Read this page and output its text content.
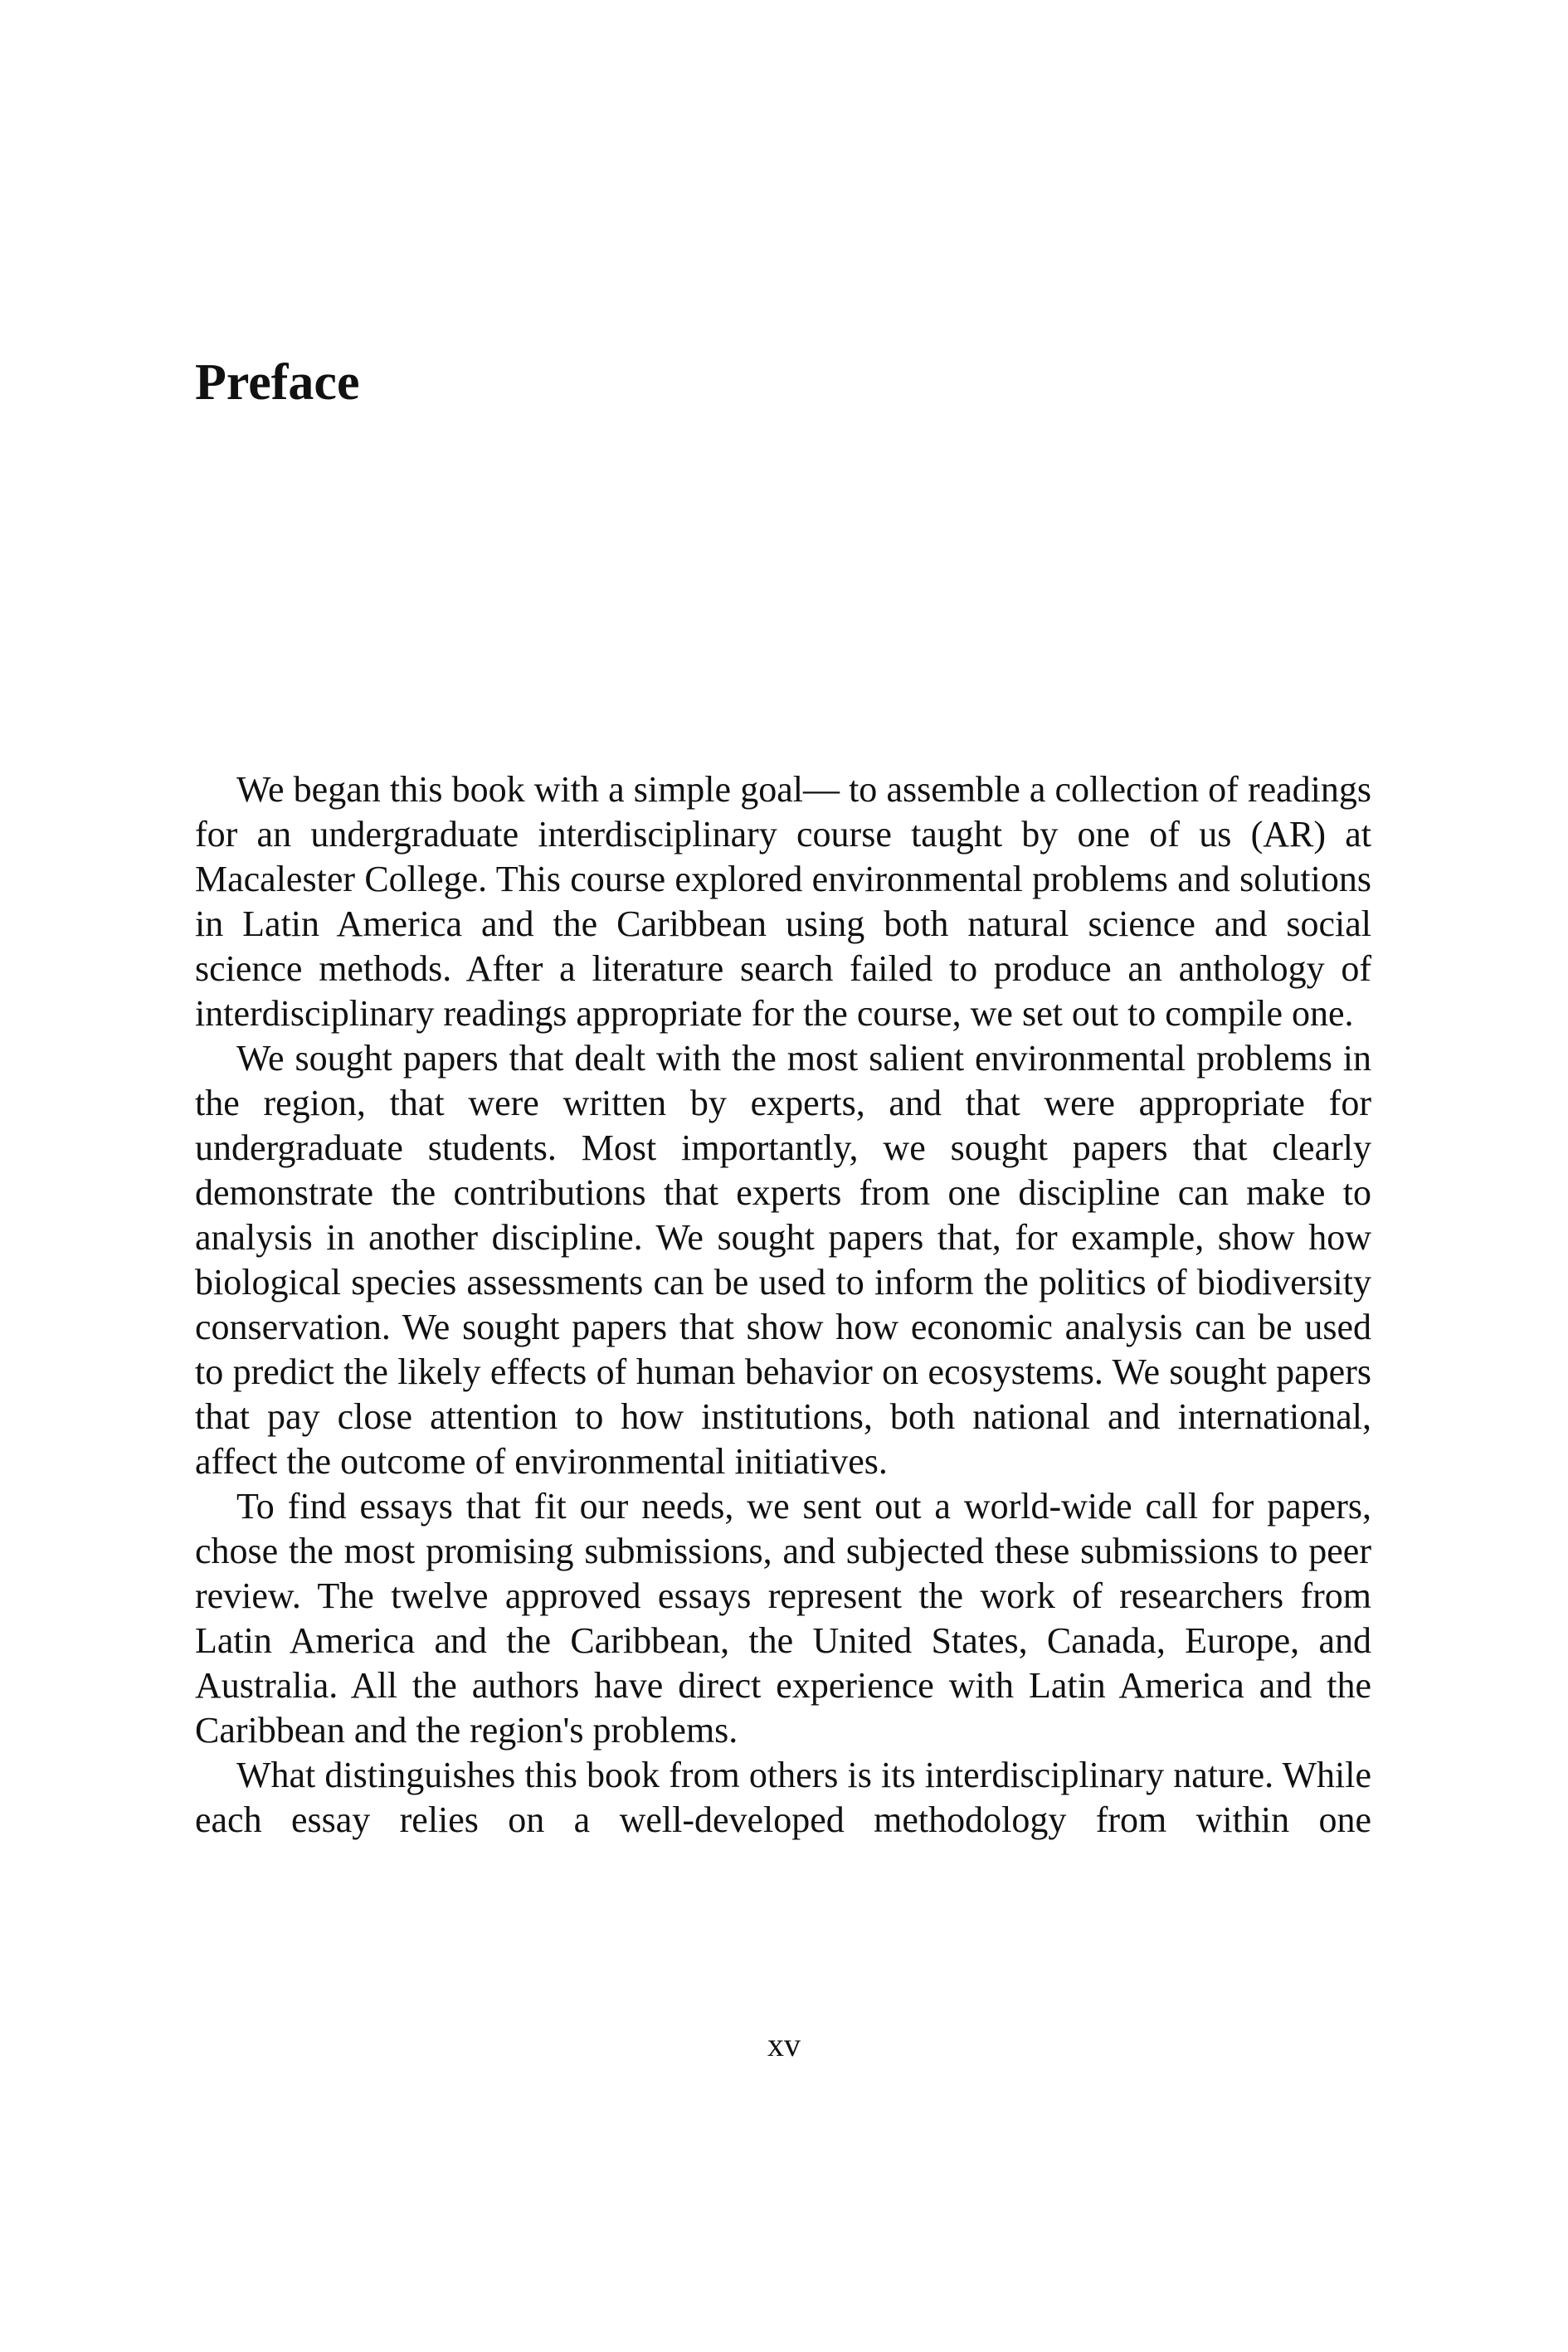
Preface

We began this book with a simple goal— to assemble a collection of readings for an undergraduate interdisciplinary course taught by one of us (AR) at Macalester College. This course explored environmental problems and solutions in Latin America and the Caribbean using both natural science and social science methods. After a literature search failed to produce an anthology of interdisciplinary readings appropriate for the course, we set out to compile one.

We sought papers that dealt with the most salient environmental problems in the region, that were written by experts, and that were appropriate for undergraduate students. Most importantly, we sought papers that clearly demonstrate the contributions that experts from one discipline can make to analysis in another discipline. We sought papers that, for example, show how biological species assessments can be used to inform the politics of biodiversity conservation. We sought papers that show how economic analysis can be used to predict the likely effects of human behavior on ecosystems. We sought papers that pay close attention to how institutions, both national and international, affect the outcome of environmental initiatives.

To find essays that fit our needs, we sent out a world-wide call for papers, chose the most promising submissions, and subjected these submissions to peer review. The twelve approved essays represent the work of researchers from Latin America and the Caribbean, the United States, Canada, Europe, and Australia. All the authors have direct experience with Latin America and the Caribbean and the region's problems.

What distinguishes this book from others is its interdisciplinary nature. While each essay relies on a well-developed methodology from within one

xv
